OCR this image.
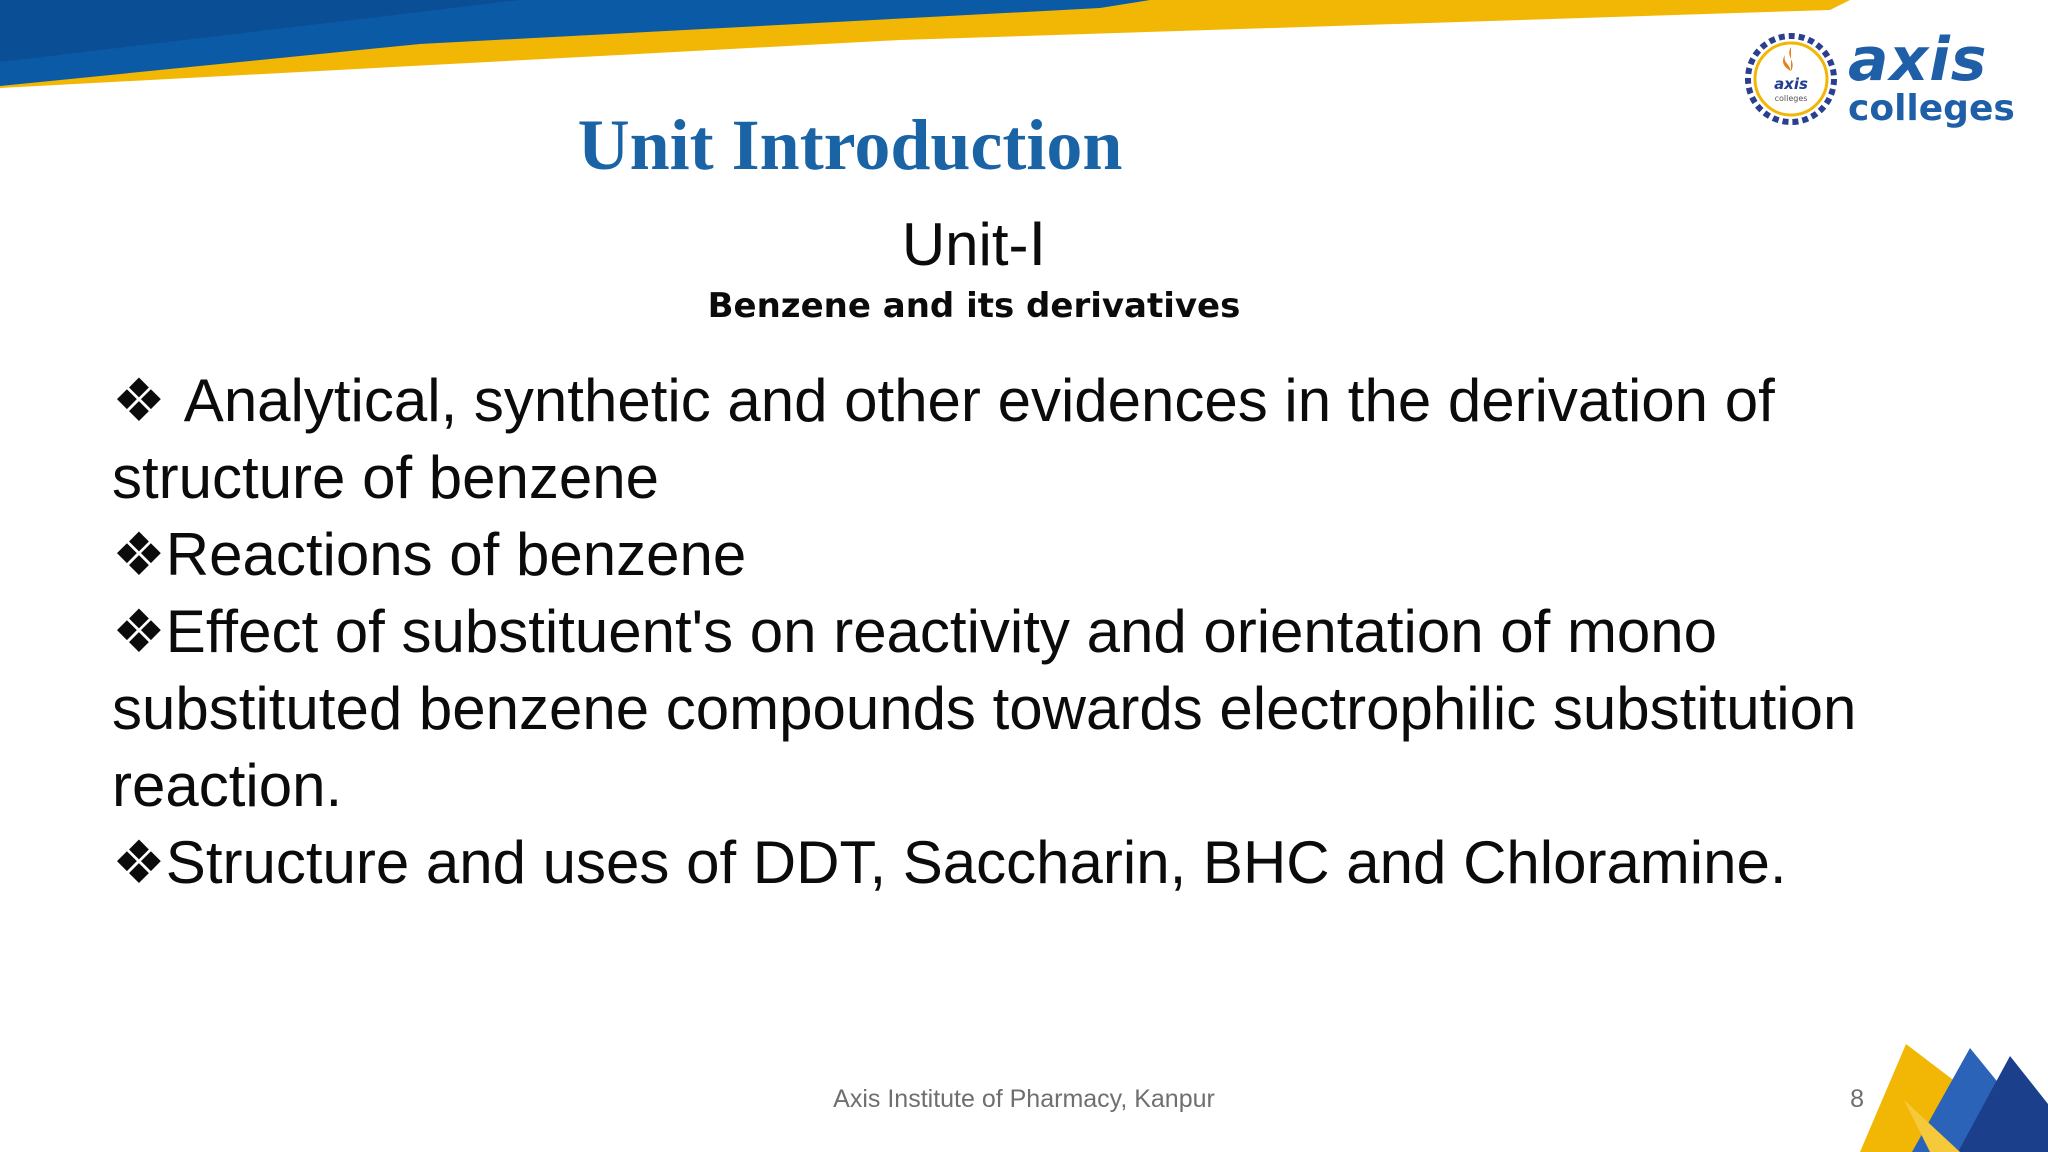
axis
colleges
axis
colleges
Unit Introduction
Unit-Ⅰ
Benzene and its derivatives

❖ Analytical, synthetic and other evidences in the derivation of structure of benzene

❖Reactions of benzene

❖Effect of substituent's on reactivity and orientation of mono substituted benzene compounds towards electrophilic substitution reaction.

❖Structure and uses of DDT, Saccharin, BHC and Chloramine.

Axis Institute of Pharmacy, Kanpur	8
